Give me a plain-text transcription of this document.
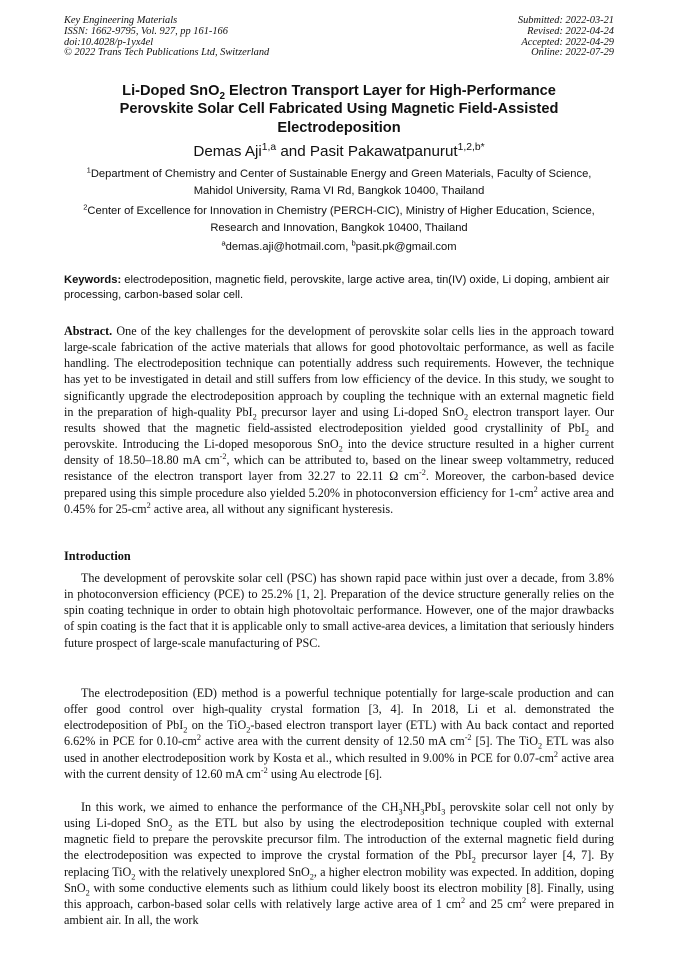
Key Engineering Materials
ISSN: 1662-9795, Vol. 927, pp 161-166
doi:10.4028/p-1yx4el
© 2022 Trans Tech Publications Ltd, Switzerland
Submitted: 2022-03-21
Revised: 2022-04-24
Accepted: 2022-04-29
Online: 2022-07-29
Li-Doped SnO$_2$ Electron Transport Layer for High-Performance
Perovskite Solar Cell Fabricated Using Magnetic Field-Assisted
Electrodeposition
Demas Aji$^{1,a}$ and Pasit Pakawatpanurut$^{1,2,b*}$
$^1$Department of Chemistry and Center of Sustainable Energy and Green Materials, Faculty of Science, Mahidol University, Rama VI Rd, Bangkok 10400, Thailand
$^2$Center of Excellence for Innovation in Chemistry (PERCH-CIC), Ministry of Higher Education, Science, Research and Innovation, Bangkok 10400, Thailand
$^a$demas.aji@hotmail.com, $^b$pasit.pk@gmail.com
Keywords: electrodeposition, magnetic field, perovskite, large active area, tin(IV) oxide, Li doping, ambient air processing, carbon-based solar cell.

Abstract. One of the key challenges for the development of perovskite solar cells lies in the approach toward large-scale fabrication of the active materials that allows for good photovoltaic performance, as well as facile handling. The electrodeposition technique can potentially address such requirements. However, the technique has yet to be investigated in detail and still suffers from low efficiency of the device. In this study, we sought to significantly upgrade the electrodeposition approach by coupling the technique with an external magnetic field in the preparation of high-quality PbI$_2$ precursor layer and using Li-doped SnO$_2$ electron transport layer. Our results showed that the magnetic field-assisted electrodeposition yielded good crystallinity of PbI$_2$ and perovskite. Introducing the Li-doped mesoporous SnO$_2$ into the device structure resulted in a higher current density of 18.50–18.80 mA $cm^{-2}$, which can be attributed to, based on the linear sweep voltammetry, reduced resistance of the electron transport layer from 32.27 to 22.11 Ω $cm^{-2}$. Moreover, the carbon-based device prepared using this simple procedure also yielded 5.20% in photoconversion efficiency for $1-cm^2$ active area and 0.45% for $25-cm^2$ active area, all without any significant hysteresis.

Introduction

The development of perovskite solar cell (PSC) has shown rapid pace within just over a decade, from 3.8% in photoconversion efficiency (PCE) to 25.2% [1, 2]. Preparation of the device structure generally relies on the spin coating technique in order to obtain high photovoltaic performance. However, one of the major drawbacks of spin coating is the fact that it is applicable only to small active-area devices, a limitation that seriously hinders future prospect of large-scale manufacturing of PSC.

The electrodeposition (ED) method is a powerful technique potentially for large-scale production and can offer good control over high-quality crystal formation [3, 4]. In 2018, Li et al. demonstrated the electrodeposition of PbI$_2$ on the TiO$_2$-based electron transport layer (ETL) with Au back contact and reported 6.62% in PCE for $0.10-cm^2$ active area with the current density of 12.50 mA $cm^{-2}$ [5]. The TiO$_2$ ETL was also used in another electrodeposition work by Kosta et al., which resulted in 9.00% in PCE for $0.07-cm^2$ active area with the current density of 12.60 mA $cm^{-2}$ using Au electrode [6].

In this work, we aimed to enhance the performance of the $CH_3NH_3PbI_3$ perovskite solar cell not only by using Li-doped SnO$_2$ as the ETL but also by using the electrodeposition technique coupled with external magnetic field to prepare the perovskite precursor film. The introduction of the external magnetic field during the electrodeposition was expected to improve the crystal formation of the PbI$_2$ precursor layer [4, 7]. By replacing TiO$_2$ with the relatively unexplored SnO$_2$, a higher electron mobility was expected. In addition, doping SnO$_2$ with some conductive elements such as lithium could likely boost its electron mobility [8]. Finally, using this approach, carbon-based solar cells with relatively large active area of 1 $cm^2$ and 25 $cm^2$ were prepared in ambient air. In all, the work
